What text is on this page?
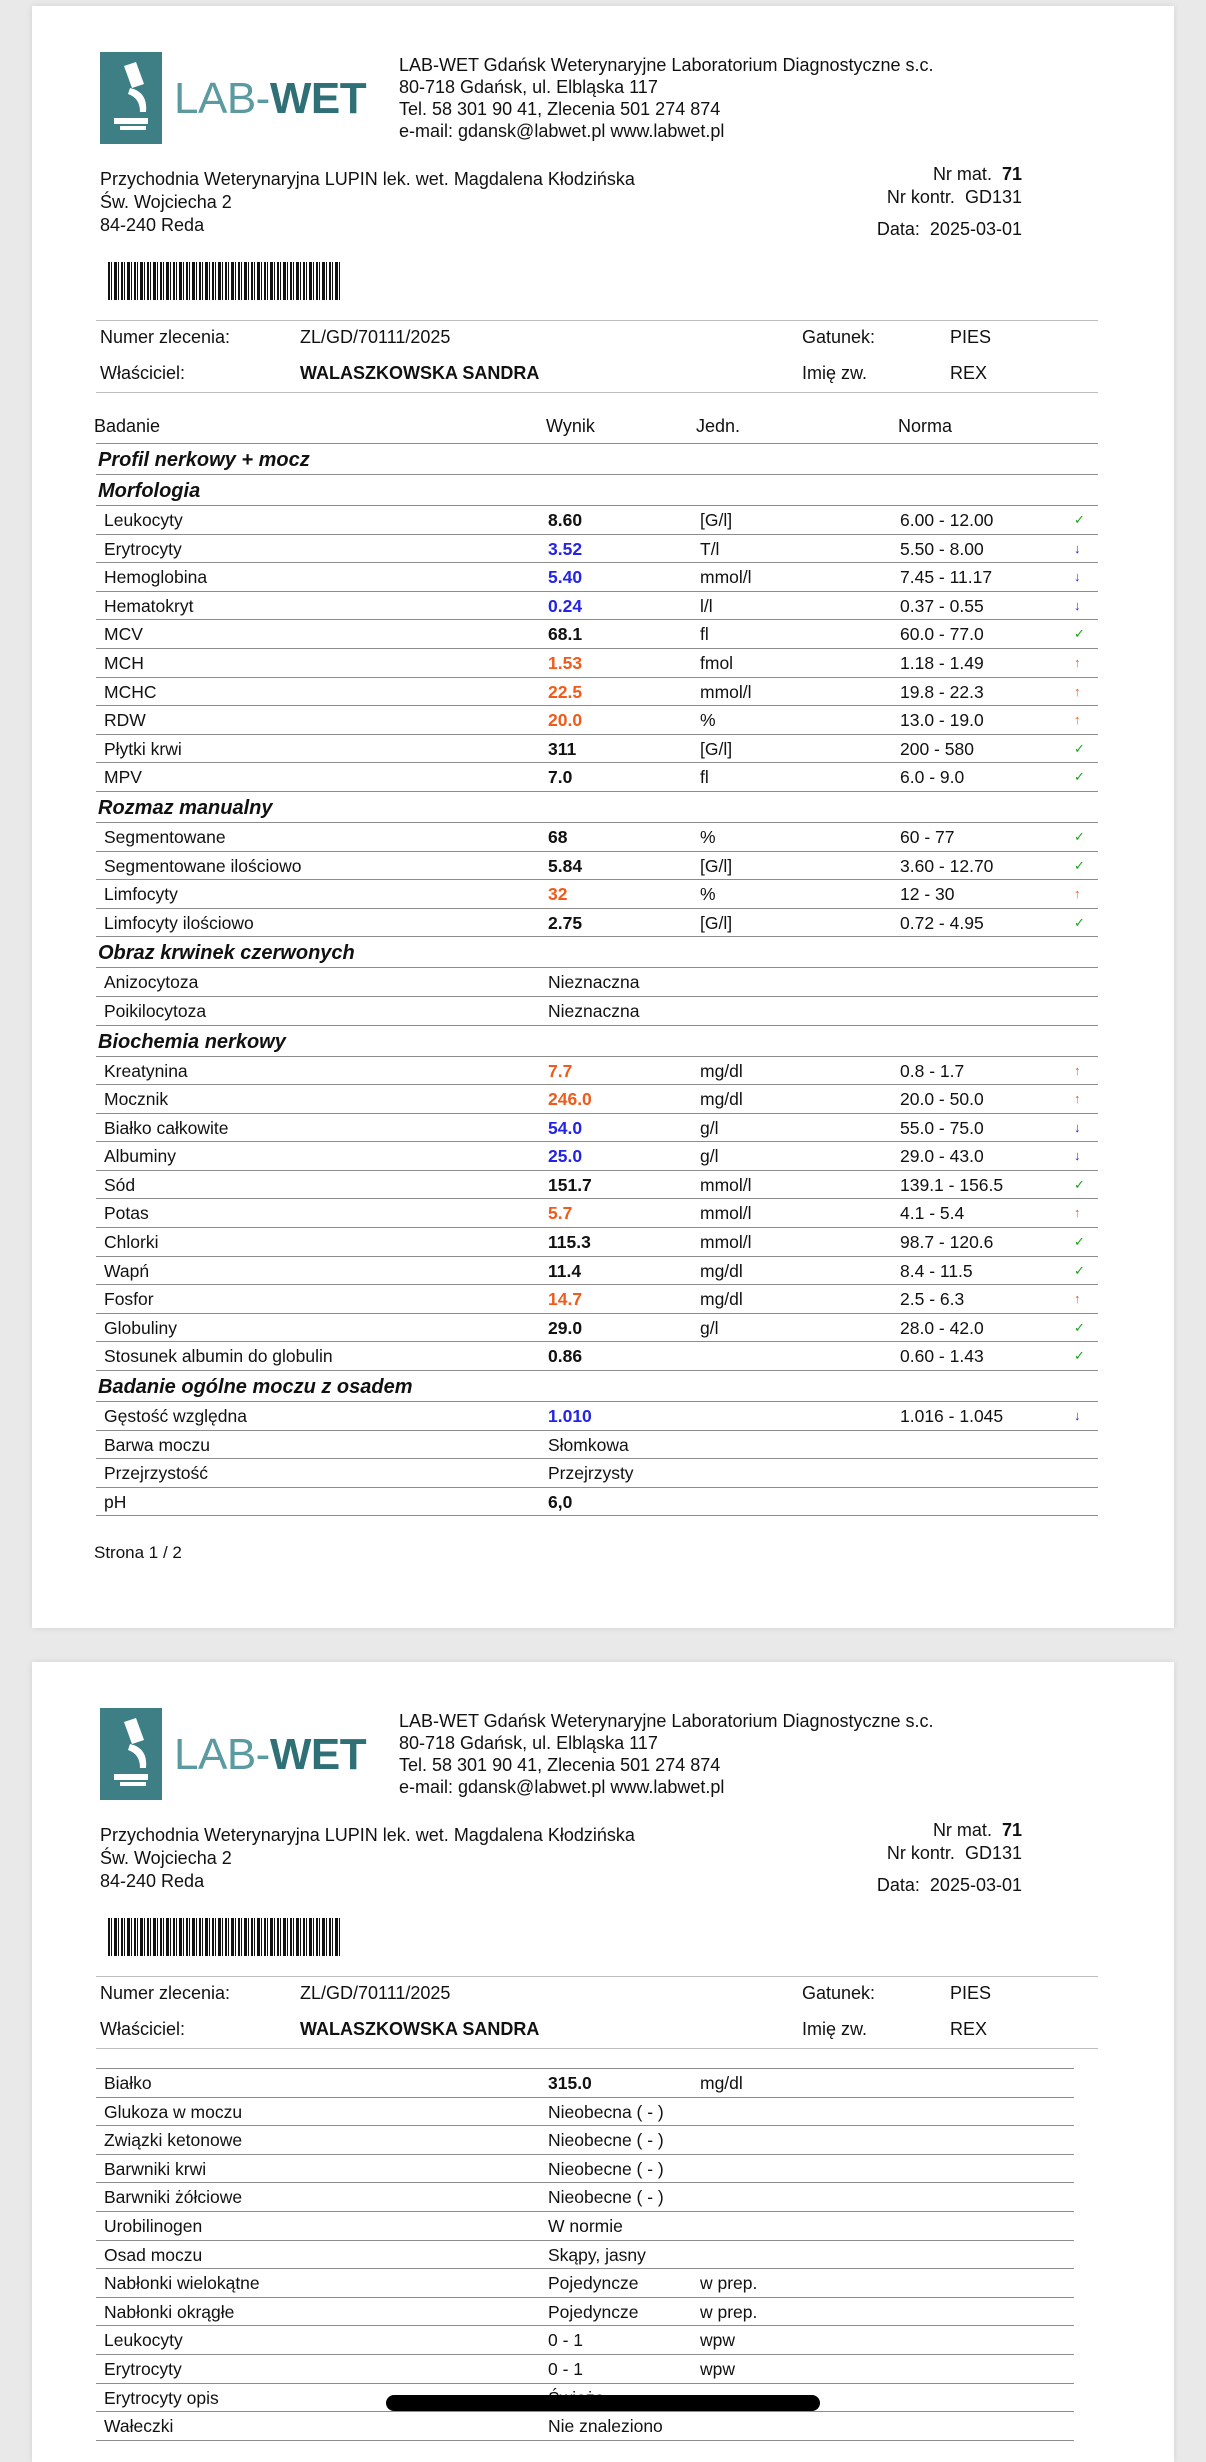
LAB-WET
LAB-WET Gdańsk Weterynaryjne Laboratorium Diagnostyczne s.c.
80-718 Gdańsk, ul. Elbląska 117
Tel. 58 301 90 41, Zlecenia 501 274 874
e-mail: gdansk@labwet.pl www.labwet.pl
Przychodnia Weterynaryjna LUPIN lek. wet. Magdalena Kłodzińska
Św. Wojciecha 2
84-240 Reda
Nr mat. 71
Nr kontr. GD131
Data: 2025-03-01
Numer zlecenia:	ZL/GD/70111/2025	Gatunek:	PIES
Właściciel:	WALASZKOWSKA SANDRA	Imię zw.	REX
Badanie	Wynik	Jedn.	Norma
Profil nerkowy + mocz
Morfologia
Leukocyty	8.60	[G/l]	6.00 - 12.00	✓
Erytrocyty	3.52	T/l	5.50 - 8.00	↓
Hemoglobina	5.40	mmol/l	7.45 - 11.17	↓
Hematokryt	0.24	l/l	0.37 - 0.55	↓
MCV	68.1	fl	60.0 - 77.0	✓
MCH	1.53	fmol	1.18 - 1.49	↑
MCHC	22.5	mmol/l	19.8 - 22.3	↑
RDW	20.0	%	13.0 - 19.0	↑
Płytki krwi	311	[G/l]	200 - 580	✓
MPV	7.0	fl	6.0 - 9.0	✓
Rozmaz manualny
Segmentowane	68	%	60 - 77	✓
Segmentowane ilościowo	5.84	[G/l]	3.60 - 12.70	✓
Limfocyty	32	%	12 - 30	↑
Limfocyty ilościowo	2.75	[G/l]	0.72 - 4.95	✓
Obraz krwinek czerwonych
Anizocytoza	Nieznaczna
Poikilocytoza	Nieznaczna
Biochemia nerkowy
Kreatynina	7.7	mg/dl	0.8 - 1.7	↑
Mocznik	246.0	mg/dl	20.0 - 50.0	↑
Białko całkowite	54.0	g/l	55.0 - 75.0	↓
Albuminy	25.0	g/l	29.0 - 43.0	↓
Sód	151.7	mmol/l	139.1 - 156.5	✓
Potas	5.7	mmol/l	4.1 - 5.4	↑
Chlorki	115.3	mmol/l	98.7 - 120.6	✓
Wapń	11.4	mg/dl	8.4 - 11.5	✓
Fosfor	14.7	mg/dl	2.5 - 6.3	↑
Globuliny	29.0	g/l	28.0 - 42.0	✓
Stosunek albumin do globulin	0.86	0.60 - 1.43	✓
Badanie ogólne moczu z osadem
Gęstość względna	1.010	1.016 - 1.045	↓
Barwa moczu	Słomkowa
Przejrzystość	Przejrzysty
pH	6,0
Strona 1 / 2
LAB-WET
LAB-WET Gdańsk Weterynaryjne Laboratorium Diagnostyczne s.c.
80-718 Gdańsk, ul. Elbląska 117
Tel. 58 301 90 41, Zlecenia 501 274 874
e-mail: gdansk@labwet.pl www.labwet.pl
Przychodnia Weterynaryjna LUPIN lek. wet. Magdalena Kłodzińska
Św. Wojciecha 2
84-240 Reda
Nr mat. 71
Nr kontr. GD131
Data: 2025-03-01
Numer zlecenia:	ZL/GD/70111/2025	Gatunek:	PIES
Właściciel:	WALASZKOWSKA SANDRA	Imię zw.	REX
Białko	315.0	mg/dl
Glukoza w moczu	Nieobecna ( - )
Związki ketonowe	Nieobecne ( - )
Barwniki krwi	Nieobecne ( - )
Barwniki żółciowe	Nieobecne ( - )
Urobilinogen	W normie
Osad moczu	Skąpy, jasny
Nabłonki wielokątne	Pojedyncze	w prep.
Nabłonki okrągłe	Pojedyncze	w prep.
Leukocyty	0 - 1	wpw
Erytrocyty	0 - 1	wpw
Erytrocyty opis
Wałeczki	Nie znaleziono
